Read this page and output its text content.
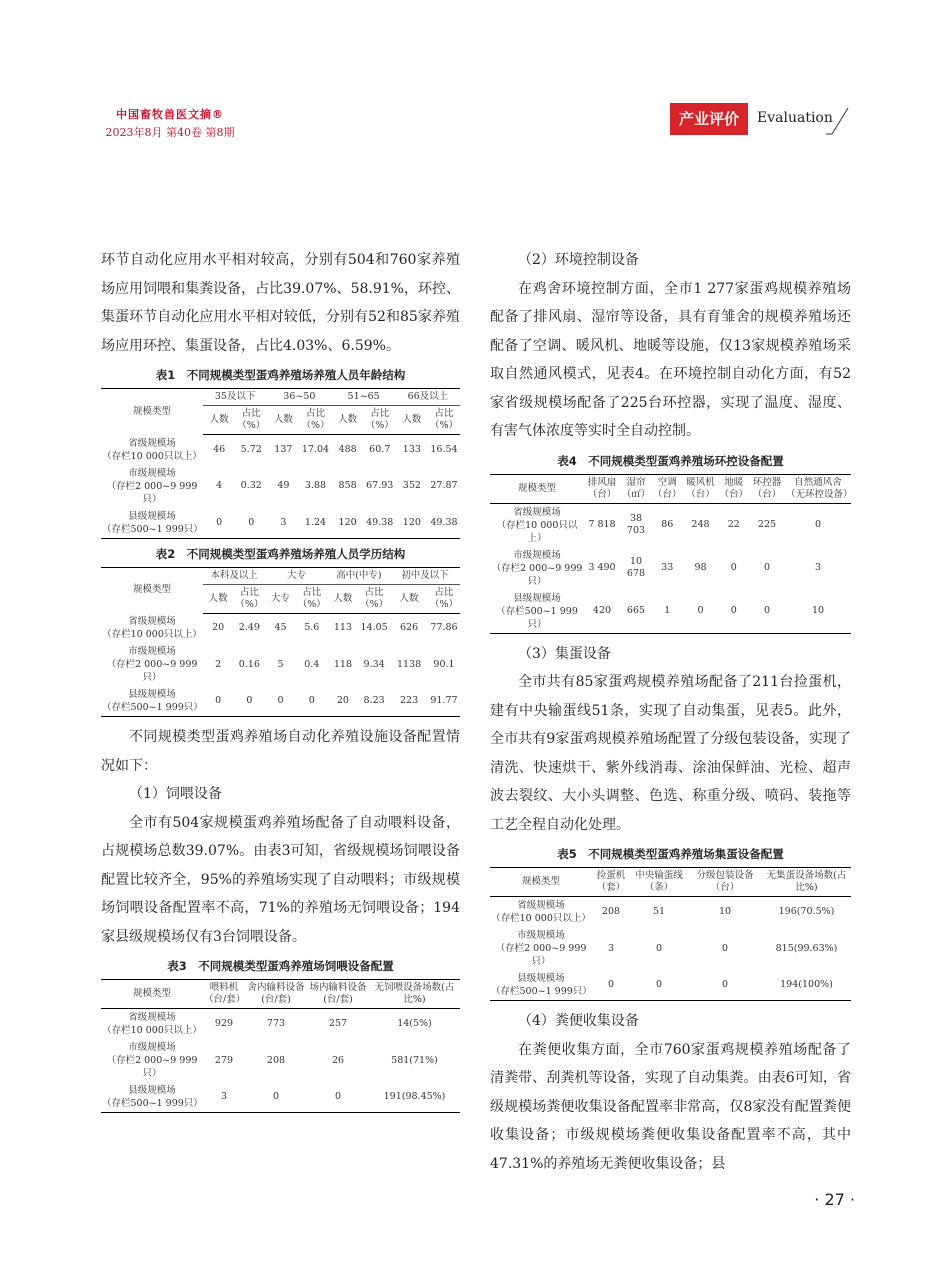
中国畜牧兽医文摘®
2023年8月 第40卷 第8期
产业评价	Evaluation

环节自动化应用水平相对较高，分别有504和760家养殖场应用饲喂和集粪设备，占比39.07%、58.91%，环控、集蛋环节自动化应用水平相对较低，分别有52和85家养殖场应用环控、集蛋设备，占比4.03%、6.59%。

表1　不同规模类型蛋鸡养殖场养殖人员年龄结构
规模类型	35及以下		36~50		51~65		66及以上	
	人数	占比（%）	人数	占比（%）	人数	占比（%）	人数	占比（%）
省级规模场
（存栏10 000只以上）	46	5.72	137	17.04	488	60.7	133	16.54
市级规模场
（存栏2 000~9 999只）	4	0.32	49	3.88	858	67.93	352	27.87
县级规模场
（存栏500~1 999只）	0	0	3	1.24	120	49.38	120	49.38
表2　不同规模类型蛋鸡养殖场养殖人员学历结构
规模类型	本科及以上		大专		高中(中专)		初中及以下	
	人数	占比（%）	大专	占比（%）	人数	占比（%）	人数	占比（%）
省级规模场
（存栏10 000只以上）	20	2.49	45	5.6	113	14.05	626	77.86
市级规模场
（存栏2 000~9 999只）	2	0.16	5	0.4	118	9.34	1138	90.1
县级规模场
（存栏500~1 999只）	0	0	0	0	20	8.23	223	91.77

不同规模类型蛋鸡养殖场自动化养殖设施设备配置情况如下：

（1）饲喂设备

全市有504家规模蛋鸡养殖场配备了自动喂料设备，占规模场总数39.07%。由表3可知，省级规模场饲喂设备配置比较齐全，95%的养殖场实现了自动喂料；市级规模场饲喂设备配置率不高，71%的养殖场无饲喂设备；194家县级规模场仅有3台饲喂设备。

表3　不同规模类型蛋鸡养殖场饲喂设备配置
规模类型	喂料机（台/套）	舍内输料设备(台/套)	场内输料设备(台/套)	无饲喂设备场数(占比%)
省级规模场
（存栏10 000只以上）	929	773	257	14(5%)
市级规模场
（存栏2 000~9 999只）	279	208	26	581(71%)
县级规模场
（存栏500~1 999只）	3	0	0	191(98.45%)

（2）环境控制设备

在鸡舍环境控制方面，全市1 277家蛋鸡规模养殖场配备了排风扇、湿帘等设备，具有育雏舍的规模养殖场还配备了空调、暖风机、地暖等设施，仅13家规模养殖场采取自然通风模式，见表4。在环境控制自动化方面，有52家省级规模场配备了225台环控器，实现了温度、湿度、有害气体浓度等实时全自动控制。

表4　不同规模类型蛋鸡养殖场环控设备配置
规模类型	排风扇（台）	湿帘（㎡）	空调（台）	暖风机（台）	地暖（台）	环控器（台）	自然通风舍（无环控设备）
省级规模场
（存栏10 000只以上）	7 818	38 703	86	248	22	225	0
市级规模场
（存栏2 000~9 999只）	3 490	10 678	33	98	0	0	3
县级规模场
（存栏500~1 999只）	420	665	1	0	0	0	10

（3）集蛋设备

全市共有85家蛋鸡规模养殖场配备了211台捡蛋机，建有中央输蛋线51条，实现了自动集蛋，见表5。此外，全市共有9家蛋鸡规模养殖场配置了分级包装设备，实现了清洗、快速烘干、紫外线消毒、涂油保鲜油、光检、超声波去裂纹、大小头调整、色选、称重分级、喷码、装拖等工艺全程自动化处理。

表5　不同规模类型蛋鸡养殖场集蛋设备配置
规模类型	捡蛋机（套）	中央输蛋线（条）	分级包装设备（台）	无集蛋设备场数(占比%)
省级规模场
（存栏10 000只以上）	208	51	10	196(70.5%)
市级规模场
（存栏2 000~9 999只）	3	0	0	815(99.63%)
县级规模场
（存栏500~1 999只）	0	0	0	194(100%)

（4）粪便收集设备

在粪便收集方面，全市760家蛋鸡规模养殖场配备了清粪带、刮粪机等设备，实现了自动集粪。由表6可知，省级规模场粪便收集设备配置率非常高，仅8家没有配置粪便收集设备；市级规模场粪便收集设备配置率不高，其中47.31%的养殖场无粪便收集设备；县

· 27 ·
